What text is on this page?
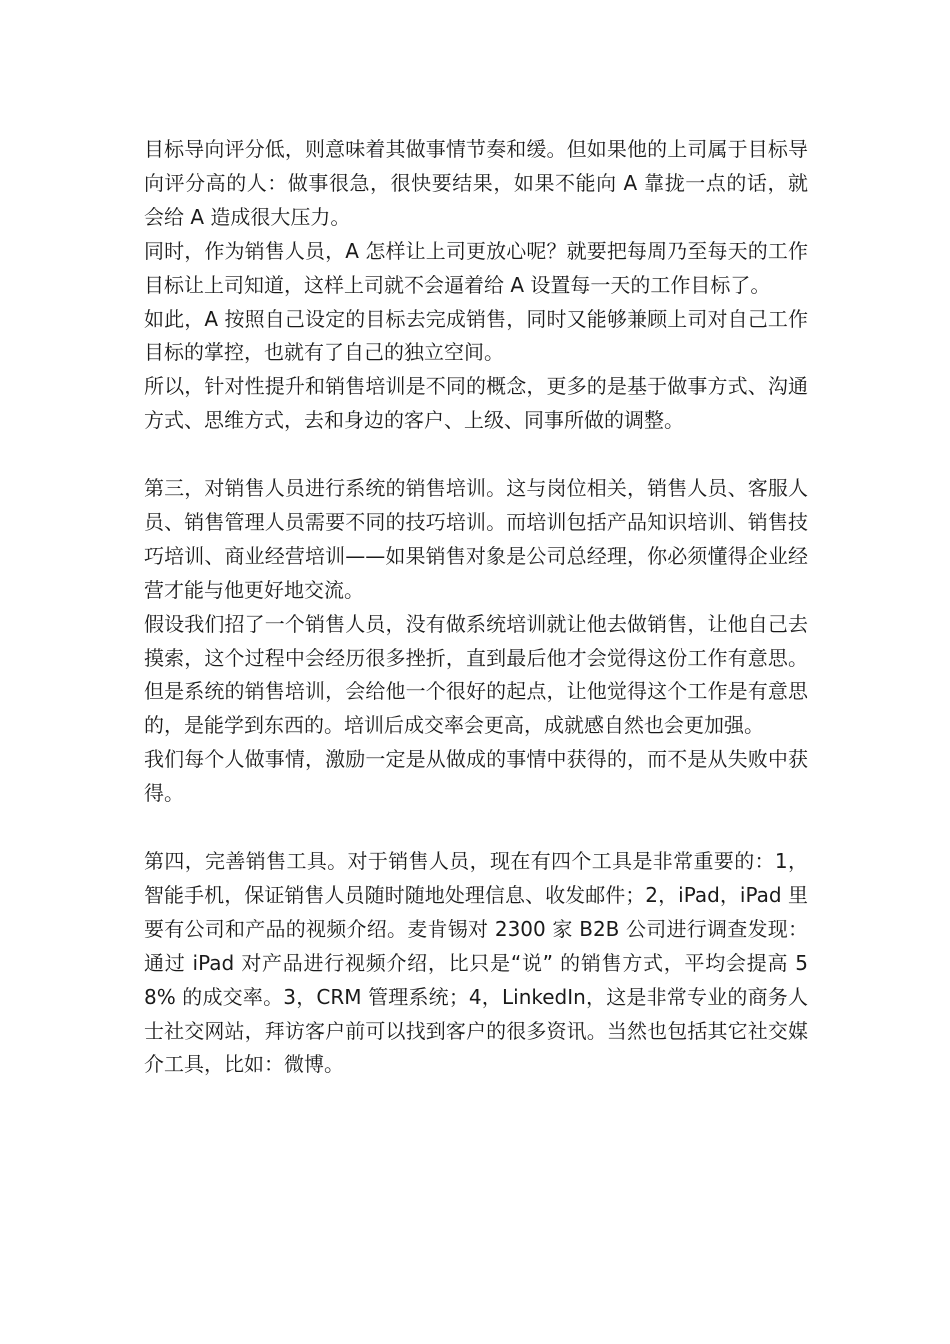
目标导向评分低，则意味着其做事情节奏和缓。但如果他的上司属于目标导 向评分高的人：做事很急，很快要结果，如果不能向 A 靠拢一点的话，就会给 A 造成很大压力。

同时，作为销售人员，A 怎样让上司更放心呢？就要把每周乃至每天的工作目标让上司知道，这样上司就不会逼着给 A 设置每一天的工作目标了。

如此，A 按照自己设定的目标去完成销售，同时又能够兼顾上司对自己工作目标的掌控，也就有了自己的独立空间。

所以，针对性提升和销售培训是不同的概念，更多的是基于做事方式、沟通方式、思维方式，去和身边的客户、上级、同事所做的调整。

第三，对销售人员进行系统的销售培训。这与岗位相关，销售人员、客服人员、销售管理人员需要不同的技巧培训。而培训包括产品知识培训、销售技巧培训、商业经营培训——如果销售对象是公司总经理，你必须懂得企业经营才能与他更好地交流。

假设我们招了一个销售人员，没有做系统培训就让他去做销售，让他自己去摸索，这个过程中会经历很多挫折，直到最后他才会觉得这份工作有意思。但是系统的销售培训，会给他一个很好的起点，让他觉得这个工作是有意思的，是能学到东西的。培训后成交率会更高，成就感自然也会更加强。

我们每个人做事情，激励一定是从做成的事情中获得的，而不是从失败中获得。

第四，完善销售工具。对于销售人员，现在有四个工具是非常重要的：1，智能手机，保证销售人员随时随地处理信息、收发邮件；2，iPad，iPad 里要有公司和产品的视频介绍。麦肯锡对 2300 家 B2B 公司进行调查发现：通过 iPad 对产品进行视频介绍，比只是“说” 的销售方式，平均会提高 58% 的成交率。3，CRM 管理系统；4，LinkedIn，这是非常专业的商务人士社交网站，拜访客户前可以找到客户的很多资讯。当然也包括其它社交媒介工具，比如：微博。
